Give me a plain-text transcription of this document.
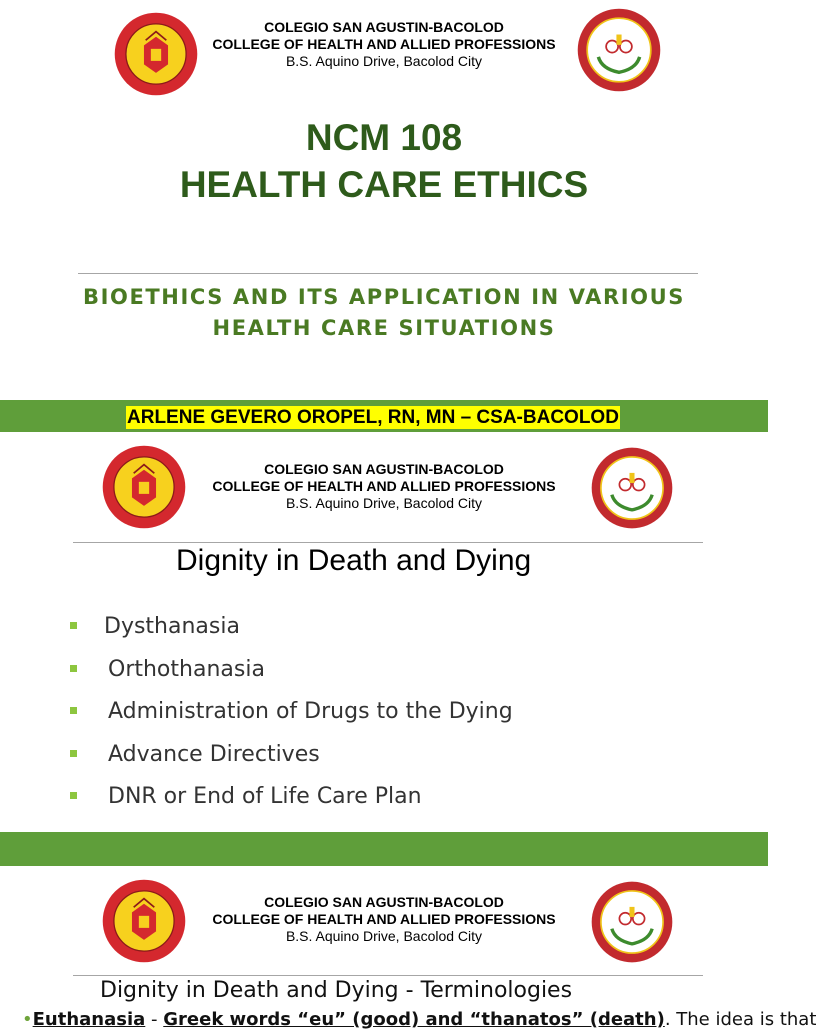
COLEGIO SAN AGUSTIN-BACOLOD
COLLEGE OF HEALTH AND ALLIED PROFESSIONS
B.S. Aquino Drive, Bacolod City
NCM 108
HEALTH CARE ETHICS
BIOETHICS AND ITS APPLICATION IN VARIOUS
HEALTH CARE SITUATIONS
ARLENE GEVERO OROPEL, RN, MN – CSA-BACOLOD
COLEGIO SAN AGUSTIN-BACOLOD
COLLEGE OF HEALTH AND ALLIED PROFESSIONS
B.S. Aquino Drive, Bacolod City
Dignity in Death and Dying
Dysthanasia
Orthothanasia
Administration of Drugs to the Dying
Advance Directives
DNR or End of Life Care Plan
COLEGIO SAN AGUSTIN-BACOLOD
COLLEGE OF HEALTH AND ALLIED PROFESSIONS
B.S. Aquino Drive, Bacolod City
Dignity in Death and Dying - Terminologies
•Euthanasia - Greek words “eu” (good) and “thanatos” (death). The idea is that
